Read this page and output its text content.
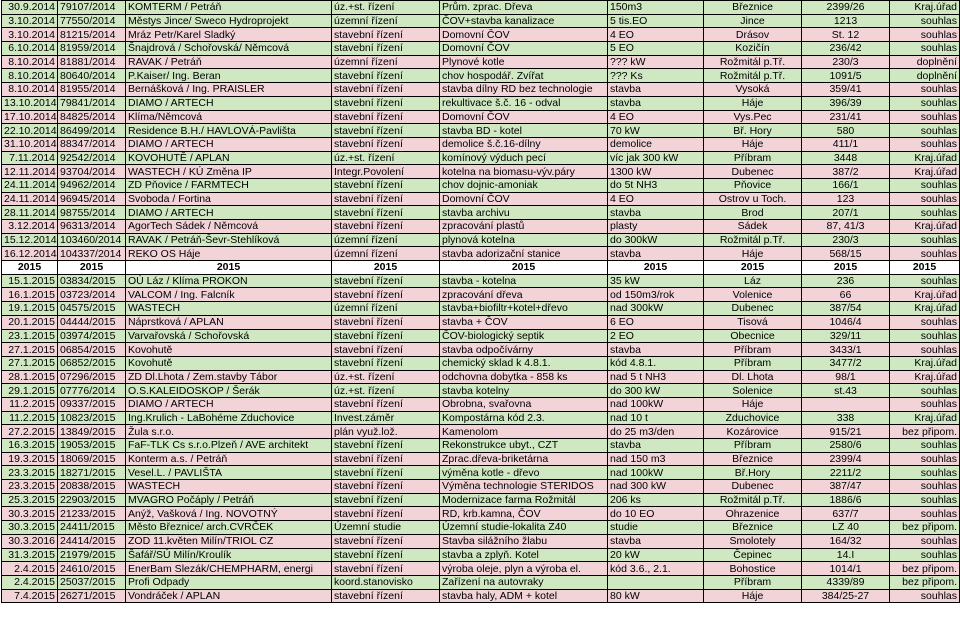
30.9.2014	79107/2014	KOMTERM / Petráň	úz.+st. řízení	Prům. zprac. Dřeva	150m3	Březnice	2399/26	Kraj.úřad
3.10.2014	77550/2014	Městys Jince/ Sweco Hydroprojekt	územní řízení	ČOV+stavba kanalizace	5 tis.EO	Jince	1213	souhlas
3.10.2014	81215/2014	Mráz Petr/Karel Sladký	stavební řízení	Domovní ČOV	4 EO	Drásov	St. 12	souhlas
6.10.2014	81959/2014	Šnajdrová / Schořovská/ Němcová	stavební řízení	Domovní ČOV	5 EO	Kozičín	236/42	souhlas
8.10.2014	81881/2014	RAVAK / Petráň	územní řízení	Plynové kotle	??? kW	Rožmitál p.Tř.	230/3	doplnění
8.10.2014	80640/2014	P.Kaiser/ Ing. Beran	stavební řízení	chov hospodář. Zvířat	??? Ks	Rožmitál p.Tř.	1091/5	doplnění
8.10.2014	81955/2014	Bernášková / Ing. PRAISLER	stavební řízení	stavba dílny RD bez technologie	stavba	Vysoká	359/41	souhlas
13.10.2014	79841/2014	DIAMO / ARTECH	stavební řízení	rekultivace š.č. 16 - odval	stavba	Háje	396/39	souhlas
17.10.2014	84825/2014	Klíma/Němcová	stavební řízení	Domovní ČOV	4 EO	Vys.Pec	231/41	souhlas
22.10.2014	86499/2014	Residence B.H./ HAVLOVÁ-Pavlišta	stavební řízení	stavba BD - kotel	70 kW	Bř. Hory	580	souhlas
31.10.2014	88347/2014	DIAMO / ARTECH	stavební řízení	demolice š.č.16-dílny	demolice	Háje	411/1	souhlas
7.11.2014	92542/2014	KOVOHUTĚ / APLAN	úz.+st. řízení	komínový výduch pecí	víc jak 300 kW	Příbram	3448	Kraj.úřad
12.11.2014	93704/2014	WASTECH / KÚ Změna IP	Integr.Povolení	kotelna na biomasu-výv.páry	1300 kW	Dubenec	387/2	Kraj.úřad
24.11.2014	94962/2014	ZD Pňovice / FARMTECH	stavební řízení	chov dojnic-amoniak	do 5t NH3	Pňovice	166/1	souhlas
24.11.2014	96945/2014	Svoboda / Fortina	stavební řízení	Domovní ČOV	4 EO	Ostrov u Toch.	123	souhlas
28.11.2014	98755/2014	DIAMO / ARTECH	stavební řízení	stavba archivu	stavba	Brod	207/1	souhlas
3.12.2014	96313/2014	AgorTech Sádek / Němcová	stavební řízení	zpracování plastů	plasty	Sádek	87, 41/3	Kraj.úřad
15.12.2014	103460/2014	RAVAK / Petráň-Ševr-Stehlíková	územní řízení	plynová kotelna	do 300kW	Rožmitál p.Tř.	230/3	souhlas
16.12.2014	104337/2014	REKO OS Háje	územní řízení	stavba adorizační stanice	stavba	Háje	568/15	souhlas
2015	2015	2015	2015	2015	2015	2015	2015	2015
15.1.2015	03834/2015	OÚ Láz / Klíma PROKON	stavební řízení	stavba - kotelna	35 kW	Láz	236	souhlas
16.1.2015	03723/2014	VALCOM / Ing. Falcník	stavební řízení	zpracování dřeva	od 150m3/rok	Volenice	66	Kraj.úřad
19.1.2015	04575/2015	WASTECH	územní řízení	stavba+biofiltr+kotel+dřevo	nad 300kW	Dubenec	387/54	Kraj.úřad
20.1.2015	04444/2015	Náprstková / APLAN	stavební řízení	stavba + ČOV	6 EO	Tisová	1046/4	souhlas
23.1.2015	03974/2015	Varvařovská / Schořovská	stavební řízení	ČOV-biologický septik	2 EO	Obecnice	329/11	souhlas
27.1.2015	06854/2015	Kovohutě	stavební řízení	stavba odpočívárny	stavba	Příbram	3433/1	souhlas
27.1.2015	06852/2015	Kovohutě	stavební řízení	chemický sklad k 4.8.1.	kód 4.8.1.	Příbram	3477/2	Kraj.úřad
28.1.2015	07296/2015	ZD Dl.Lhota / Zem.stavby Tábor	úz.+st. řízení	odchovna dobytka - 858 ks	nad 5 t NH3	Dl. Lhota	98/1	Kraj.úřad
29.1.2015	07776/2014	O.S.KALEIDOSKOP / Šerák	úz.+st. řízení	stavba kotelny	do 300 kW	Solenice	st.43	souhlas
11.2.2015	09337/2015	DIAMO / ARTECH	stavební řízení	Obrobna, svařovna	nad 100kW	Háje		souhlas
11.2.2015	10823/2015	Ing.Krulich - LaBohéme Zduchovice	Invest.záměr	Kompostárna kód 2.3.	nad 10 t	Zduchovice	338	Kraj.úřad
27.2.2015	13849/2015	Žula s.r.o.	plán využ.lož.	Kamenolom	do 25 m3/den	Kozárovice	915/21	bez připom.
16.3.2015	19053/2015	FaF-TLK Cs s.r.o.Plzeň / AVE architekt	stavební řízení	Rekonstrukce ubyt., CZT	stavba	Příbram	2580/6	souhlas
19.3.2015	18069/2015	Konterm a.s. / Petráň	stavební řízení	Zprac.dřeva-briketárna	nad 150 m3	Březnice	2399/4	souhlas
23.3.2015	18271/2015	Vesel.L. / PAVLIŠTA	stavební řízení	výměna kotle - dřevo	nad 100kW	Bř.Hory	2211/2	souhlas
23.3.2015	20838/2015	WASTECH	stavební řízení	Výměna technologie STERIDOS	nad 300 kW	Dubenec	387/47	souhlas
25.3.2015	22903/2015	MVAGRO Počáply / Petráň	stavební řízení	Modernizace farma Rožmitál	206 ks	Rožmitál p.Tř.	1886/6	souhlas
30.3.2015	21233/2015	Anýž, Vašková / Ing. NOVOTNÝ	stavební řízení	RD, krb.kamna, ČOV	do 10 EO	Ohrazenice	637/7	souhlas
30.3.2015	24411/2015	Město Březnice/ arch.CVRČEK	Územní studie	Územní studie-lokalita Z40	studie	Březnice	LZ 40	bez připom.
30.3.2016	24414/2015	ZOD 11.květen Milín/TRIOL CZ	stavební řízení	Stavba silážního žlabu	stavba	Smolotely	164/32	souhlas
31.3.2015	21979/2015	Šafář/SÚ Milín/Kroulík	stavební řízení	stavba a zplyň. Kotel	20 kW	Čepinec	14.I	souhlas
2.4.2015	24610/2015	EnerBam Slezák/CHEMPHARM, energi	stavební řízení	výroba oleje, plyn a výroba el.	kód 3.6., 2.1.	Bohostice	1014/1	bez připom.
2.4.2015	25037/2015	Profi Odpady	koord.stanovisko	Zařízení na autovraky		Příbram	4339/89	bez připom.
7.4.2015	26271/2015	Vondráček / APLAN	stavební řízení	stavba haly, ADM + kotel	80 kW	Háje	384/25-27	souhlas
